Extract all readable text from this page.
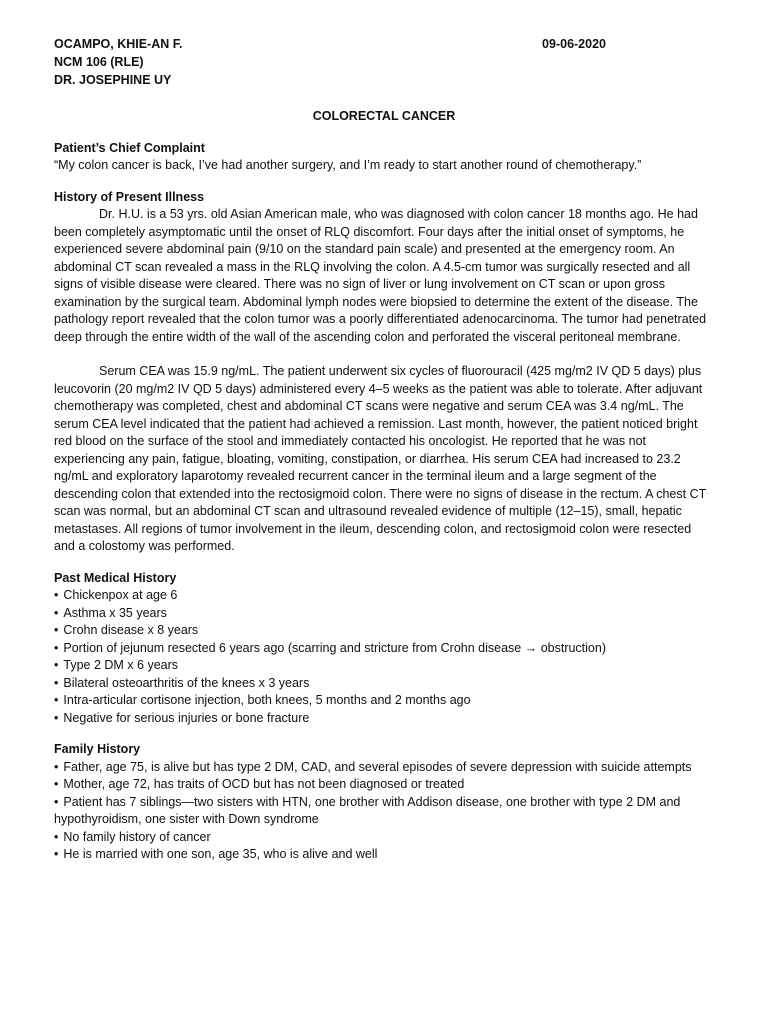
OCAMPO, KHIE-AN F.
NCM 106 (RLE)
DR. JOSEPHINE UY
09-06-2020
COLORECTAL CANCER
Patient’s Chief Complaint

“My colon cancer is back, I’ve had another surgery, and I’m ready to start another round of chemotherapy.”

History of Present Illness

Dr. H.U. is a 53 yrs. old Asian American male, who was diagnosed with colon cancer 18 months ago. He had been completely asymptomatic until the onset of RLQ discomfort. Four days after the initial onset of symptoms, he experienced severe abdominal pain (9/10 on the standard pain scale) and presented at the emergency room. An abdominal CT scan revealed a mass in the RLQ involving the colon. A 4.5-cm tumor was surgically resected and all signs of visible disease were cleared. There was no sign of liver or lung involvement on CT scan or upon gross examination by the surgical team. Abdominal lymph nodes were biopsied to determine the extent of the disease. The pathology report revealed that the colon tumor was a poorly differentiated adenocarcinoma. The tumor had penetrated deep through the entire width of the wall of the ascending colon and perforated the visceral peritoneal membrane.

Serum CEA was 15.9 ng/mL. The patient underwent six cycles of fluorouracil (425 mg/m2 IV QD 5 days) plus leucovorin (20 mg/m2 IV QD 5 days) administered every 4–5 weeks as the patient was able to tolerate. After adjuvant chemotherapy was completed, chest and abdominal CT scans were negative and serum CEA was 3.4 ng/mL. The serum CEA level indicated that the patient had achieved a remission. Last month, however, the patient noticed bright red blood on the surface of the stool and immediately contacted his oncologist. He reported that he was not experiencing any pain, fatigue, bloating, vomiting, constipation, or diarrhea. His serum CEA had increased to 23.2 ng/mL and exploratory laparotomy revealed recurrent cancer in the terminal ileum and a large segment of the descending colon that extended into the rectosigmoid colon. There were no signs of disease in the rectum. A chest CT scan was normal, but an abdominal CT scan and ultrasound revealed evidence of multiple (12–15), small, hepatic metastases. All regions of tumor involvement in the ileum, descending colon, and rectosigmoid colon were resected and a colostomy was performed.

Past Medical History
• Chickenpox at age 6
• Asthma x 35 years
• Crohn disease x 8 years
• Portion of jejunum resected 6 years ago (scarring and stricture from Crohn disease → obstruction)
• Type 2 DM x 6 years
• Bilateral osteoarthritis of the knees x 3 years
• Intra-articular cortisone injection, both knees, 5 months and 2 months ago
• Negative for serious injuries or bone fracture
Family History
• Father, age 75, is alive but has type 2 DM, CAD, and several episodes of severe depression with suicide attempts
• Mother, age 72, has traits of OCD but has not been diagnosed or treated
• Patient has 7 siblings—two sisters with HTN, one brother with Addison disease, one brother with type 2 DM and hypothyroidism, one sister with Down syndrome
• No family history of cancer
• He is married with one son, age 35, who is alive and well
